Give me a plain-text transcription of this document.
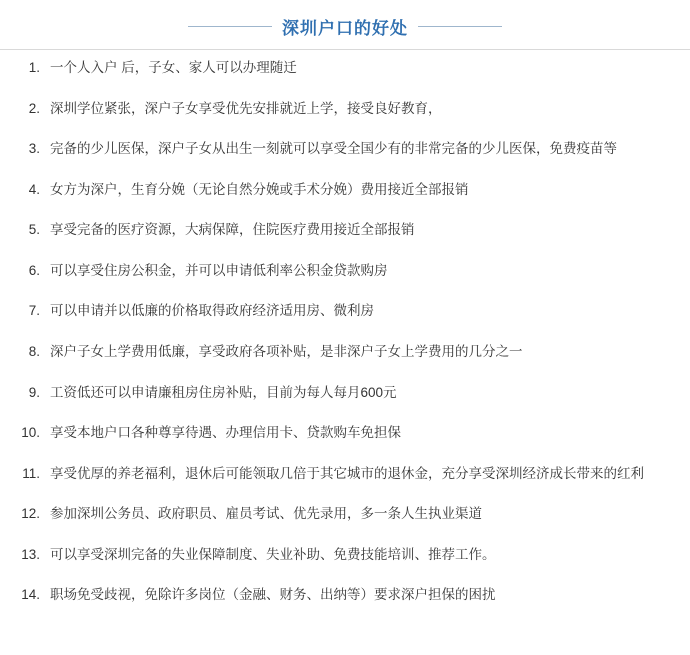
深圳户口的好处
一个人入户 后，子女、家人可以办理随迁
深圳学位紧张，深户子女享受优先安排就近上学，接受良好教育，
完备的少儿医保，深户子女从出生一刻就可以享受全国少有的非常完备的少儿医保，免费疫苗等
女方为深户，生育分娩（无论自然分娩或手术分娩）费用接近全部报销
享受完备的医疗资源，大病保障，住院医疗费用接近全部报销
可以享受住房公积金，并可以申请低利率公积金贷款购房
可以申请并以低廉的价格取得政府经济适用房、微利房
深户子女上学费用低廉，享受政府各项补贴，是非深户子女上学费用的几分之一
工资低还可以申请廉租房住房补贴，目前为每人每月600元
享受本地户口各种尊享待遇、办理信用卡、贷款购车免担保
享受优厚的养老福利，退休后可能领取几倍于其它城市的退休金，充分享受深圳经济成长带来的红利
参加深圳公务员、政府职员、雇员考试、优先录用，多一条人生执业渠道
可以享受深圳完备的失业保障制度、失业补助、免费技能培训、推荐工作。
职场免受歧视，免除许多岗位（金融、财务、出纳等）要求深户担保的困扰
